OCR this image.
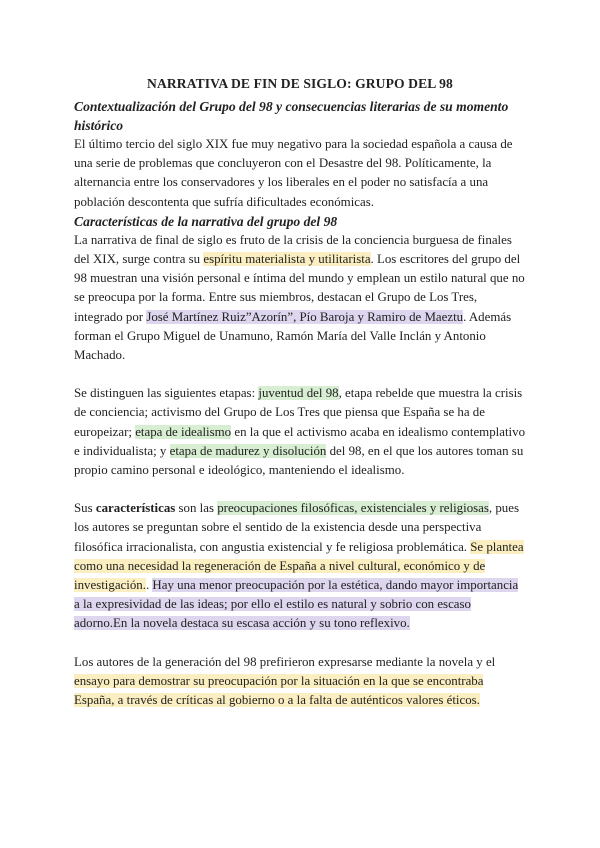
NARRATIVA DE FIN DE SIGLO: GRUPO DEL 98
Contextualización del Grupo del 98 y consecuencias literarias de su momento histórico

El último tercio del siglo XIX fue muy negativo para la sociedad española a causa de una serie de problemas que concluyeron con el Desastre del 98. Políticamente, la alternancia entre los conservadores y los liberales en el poder no satisfacía a una población descontenta que sufría dificultades económicas.

Características de la narrativa del grupo del 98

La narrativa de final de siglo es fruto de la crisis de la conciencia burguesa de finales del XIX, surge contra su espíritu materialista y utilitarista. Los escritores del grupo del 98 muestran una visión personal e íntima del mundo y emplean un estilo natural que no se preocupa por la forma. Entre sus miembros, destacan el Grupo de Los Tres, integrado por José Martínez Ruiz”Azorín”, Pío Baroja y Ramiro de Maeztu. Además forman el Grupo Miguel de Unamuno, Ramón María del Valle Inclán y Antonio Machado.

Se distinguen las siguientes etapas: juventud del 98, etapa rebelde que muestra la crisis de conciencia; activismo del Grupo de Los Tres que piensa que España se ha de europeizar; etapa de idealismo en la que el activismo acaba en idealismo contemplativo e individualista; y etapa de madurez y disolución del 98, en el que los autores toman su propio camino personal e ideológico, manteniendo el idealismo.

Sus características son las preocupaciones filosóficas, existenciales y religiosas, pues los autores se preguntan sobre el sentido de la existencia desde una perspectiva filosófica irracionalista, con angustia existencial y fe religiosa problemática. Se plantea como una necesidad la regeneración de España a nivel cultural, económico y de investigación.. Hay una menor preocupación por la estética, dando mayor importancia a la expresividad de las ideas; por ello el estilo es natural y sobrio con escaso adorno.En la novela destaca su escasa acción y su tono reflexivo.

Los autores de la generación del 98 prefirieron expresarse mediante la novela y el ensayo para demostrar su preocupación por la situación en la que se encontraba España, a través de críticas al gobierno o a la falta de auténticos valores éticos.
